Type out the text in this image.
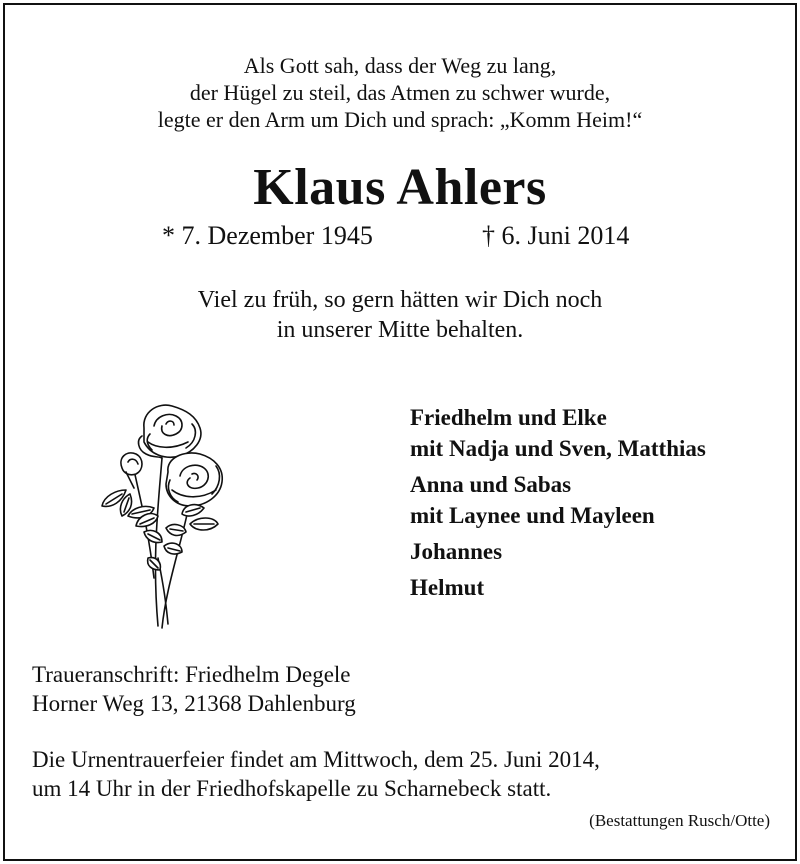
Als Gott sah, dass der Weg zu lang,
der Hügel zu steil, das Atmen zu schwer wurde,
legte er den Arm um Dich und sprach: „Komm Heim!“
Klaus Ahlers
* 7. Dezember 1945	† 6. Juni 2014
Viel zu früh, so gern hätten wir Dich noch
in unserer Mitte behalten.
Friedhelm und Elke
mit Nadja und Sven, Matthias
Anna und Sabas
mit Laynee und Mayleen
Johannes
Helmut
Traueranschrift: Friedhelm Degele
Horner Weg 13, 21368 Dahlenburg
Die Urnentrauerfeier findet am Mittwoch, dem 25. Juni 2014,
um 14 Uhr in der Friedhofskapelle zu Scharnebeck statt.
(Bestattungen Rusch/Otte)
